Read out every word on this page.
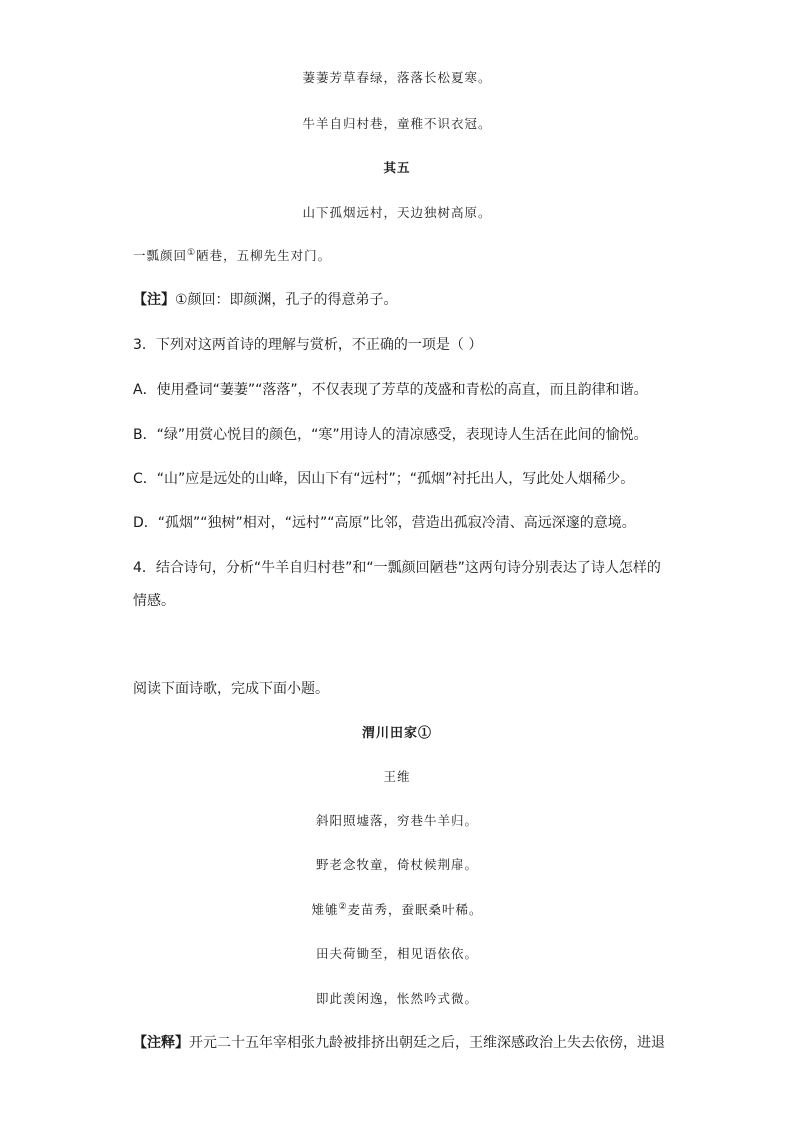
萋萋芳草春绿，落落长松夏寒。
牛羊自归村巷，童稚不识衣冠。
其五
山下孤烟远村，天边独树高原。
一瓢颜回①陋巷，五柳先生对门。
【注】①颜回：即颜渊，孔子的得意弟子。
3．下列对这两首诗的理解与赏析，不正确的一项是（ ）
A．使用叠词“萋萋”“落落”，不仅表现了芳草的茂盛和青松的高直，而且韵律和谐。
B．“绿”用赏心悦目的颜色，“寒”用诗人的清凉感受，表现诗人生活在此间的愉悦。
C．“山”应是远处的山峰，因山下有“远村”；“孤烟”衬托出人，写此处人烟稀少。
D．“孤烟”“独树”相对，“远村”“高原”比邻，营造出孤寂冷清、高远深邃的意境。
4．结合诗句，分析“牛羊自归村巷”和“一瓢颜回陋巷”这两句诗分别表达了诗人怎样的
情感。
阅读下面诗歌，完成下面小题。
渭川田家①
王维
斜阳照墟落，穷巷牛羊归。
野老念牧童，倚杖候荆扉。
雉雊②麦苗秀，蚕眠桑叶稀。
田夫荷锄至，相见语依依。
即此羡闲逸，怅然吟式微。
【注释】开元二十五年宰相张九龄被排挤出朝廷之后，王维深感政治上失去依傍，进退
